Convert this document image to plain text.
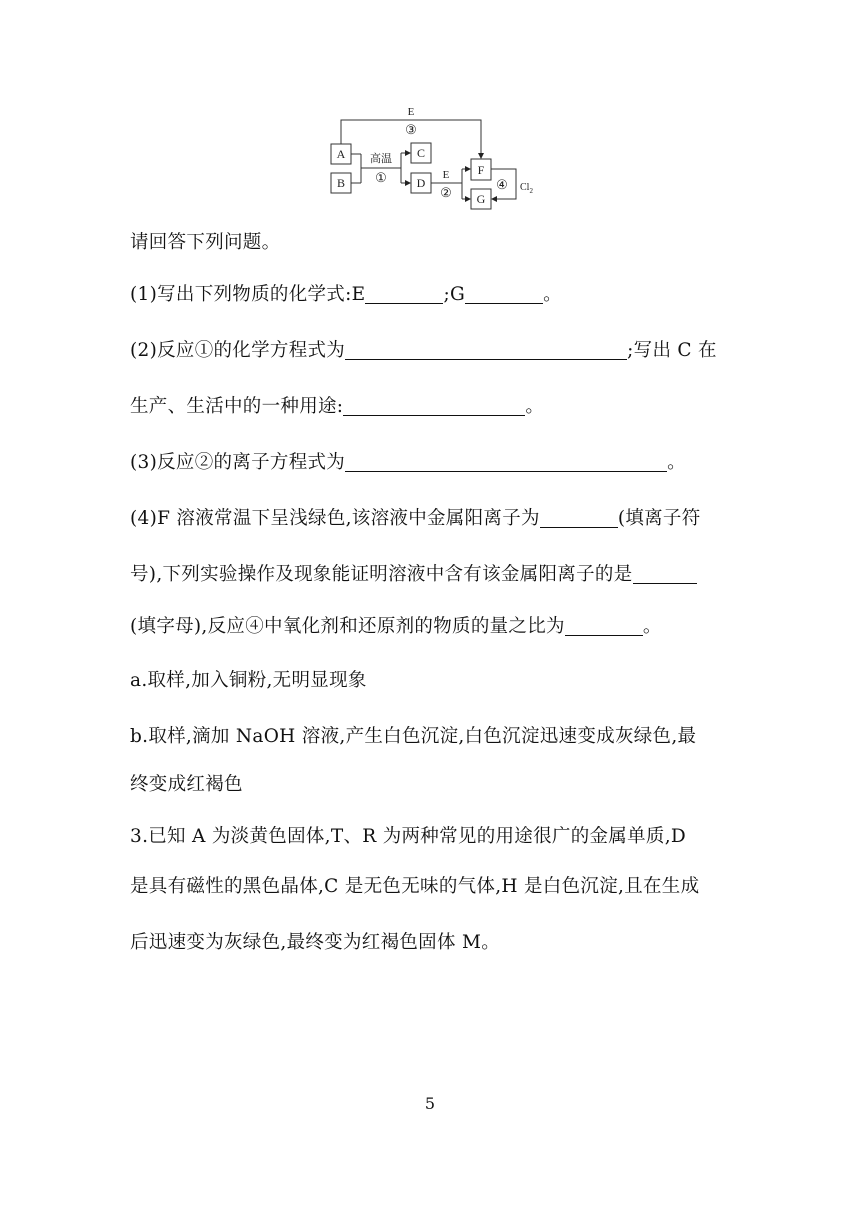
A
B
C
D
F
G
E
③
高温
①	E
②
④ $Cl_2$
请回答下列问题。
(1)写出下列物质的化学式:E	;G	。
(2)反应①的化学方程式为	;写出 C 在
生产、生活中的一种用途:	。
(3)反应②的离子方程式为	。
(4)F 溶液常温下呈浅绿色,该溶液中金属阳离子为	(填离子符
号),下列实验操作及现象能证明溶液中含有该金属阳离子的是
(填字母),反应④中氧化剂和还原剂的物质的量之比为	。
a.取样,加入铜粉,无明显现象
b.取样,滴加 NaOH 溶液,产生白色沉淀,白色沉淀迅速变成灰绿色,最
终变成红褐色
3.已知 A 为淡黄色固体,T、R 为两种常见的用途很广的金属单质,D
是具有磁性的黑色晶体,C 是无色无味的气体,H 是白色沉淀,且在生成
后迅速变为灰绿色,最终变为红褐色固体 M。
5
